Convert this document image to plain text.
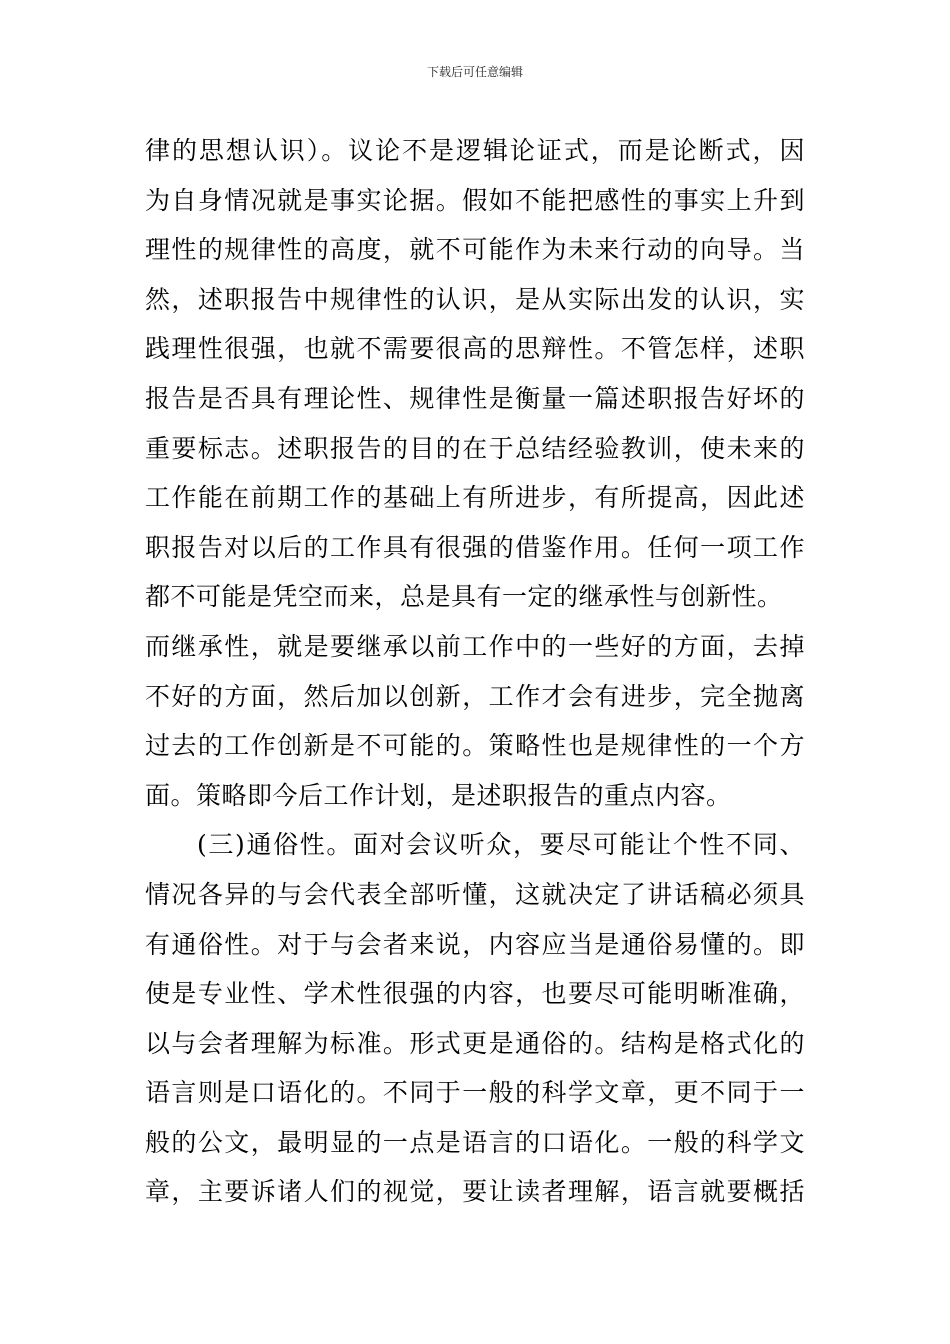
下载后可任意编辑
律的思想认识）。议论不是逻辑论证式，而是论断式，因
为自身情况就是事实论据。假如不能把感性的事实上升到
理性的规律性的高度，就不可能作为未来行动的向导。当
然，述职报告中规律性的认识，是从实际出发的认识，实
践理性很强，也就不需要很高的思辩性。不管怎样，述职
报告是否具有理论性、规律性是衡量一篇述职报告好坏的
重要标志。述职报告的目的在于总结经验教训，使未来的
工作能在前期工作的基础上有所进步，有所提高，因此述
职报告对以后的工作具有很强的借鉴作用。任何一项工作
都不可能是凭空而来，总是具有一定的继承性与创新性。
而继承性，就是要继承以前工作中的一些好的方面，去掉
不好的方面，然后加以创新，工作才会有进步，完全抛离
过去的工作创新是不可能的。策略性也是规律性的一个方
面。策略即今后工作计划，是述职报告的重点内容。
(三)通俗性。面对会议听众，要尽可能让个性不同、
情况各异的与会代表全部听懂，这就决定了讲话稿必须具
有通俗性。对于与会者来说，内容应当是通俗易懂的。即
使是专业性、学术性很强的内容，也要尽可能明晰准确，
以与会者理解为标准。形式更是通俗的。结构是格式化的
语言则是口语化的。不同于一般的科学文章，更不同于一
般的公文，最明显的一点是语言的口语化。一般的科学文
章，主要诉诸人们的视觉，要让读者理解，语言就要概括
